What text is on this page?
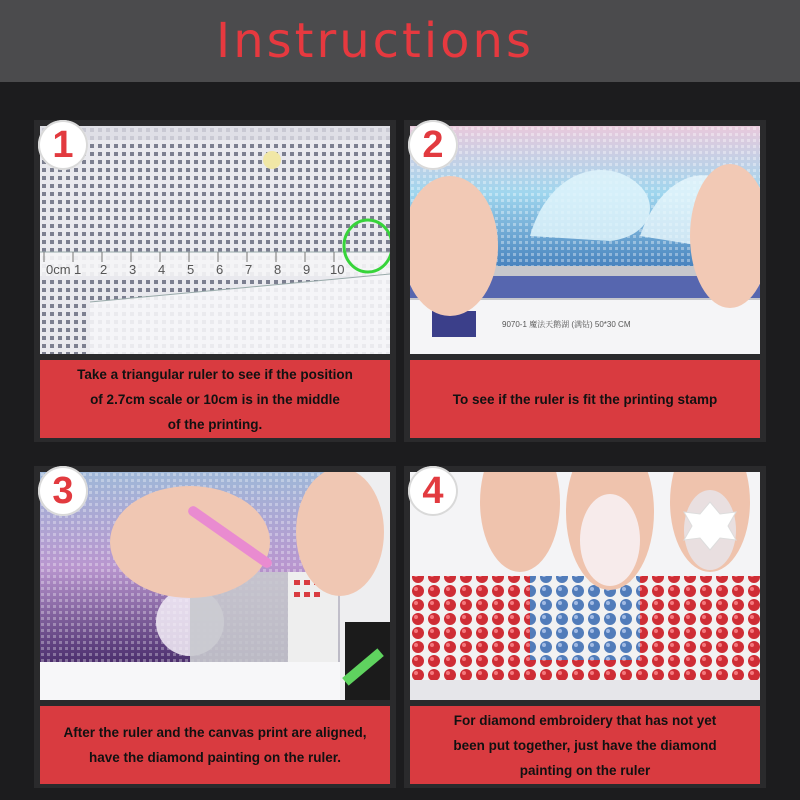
Instructions
0cm 1 2 3 4 5 6 7 8 9 10
Take a triangular ruler to see if the position
of 2.7cm scale or 10cm is in the middle
of the printing.
1
9070-1 魔法天鹅湖 (满钻) 50*30 CM
To see if the ruler is fit the printing stamp
2
After the ruler and the canvas print are aligned,
have the diamond painting on the ruler.
3
For diamond embroidery that has not yet
been put together, just have the diamond
painting on the ruler
4
